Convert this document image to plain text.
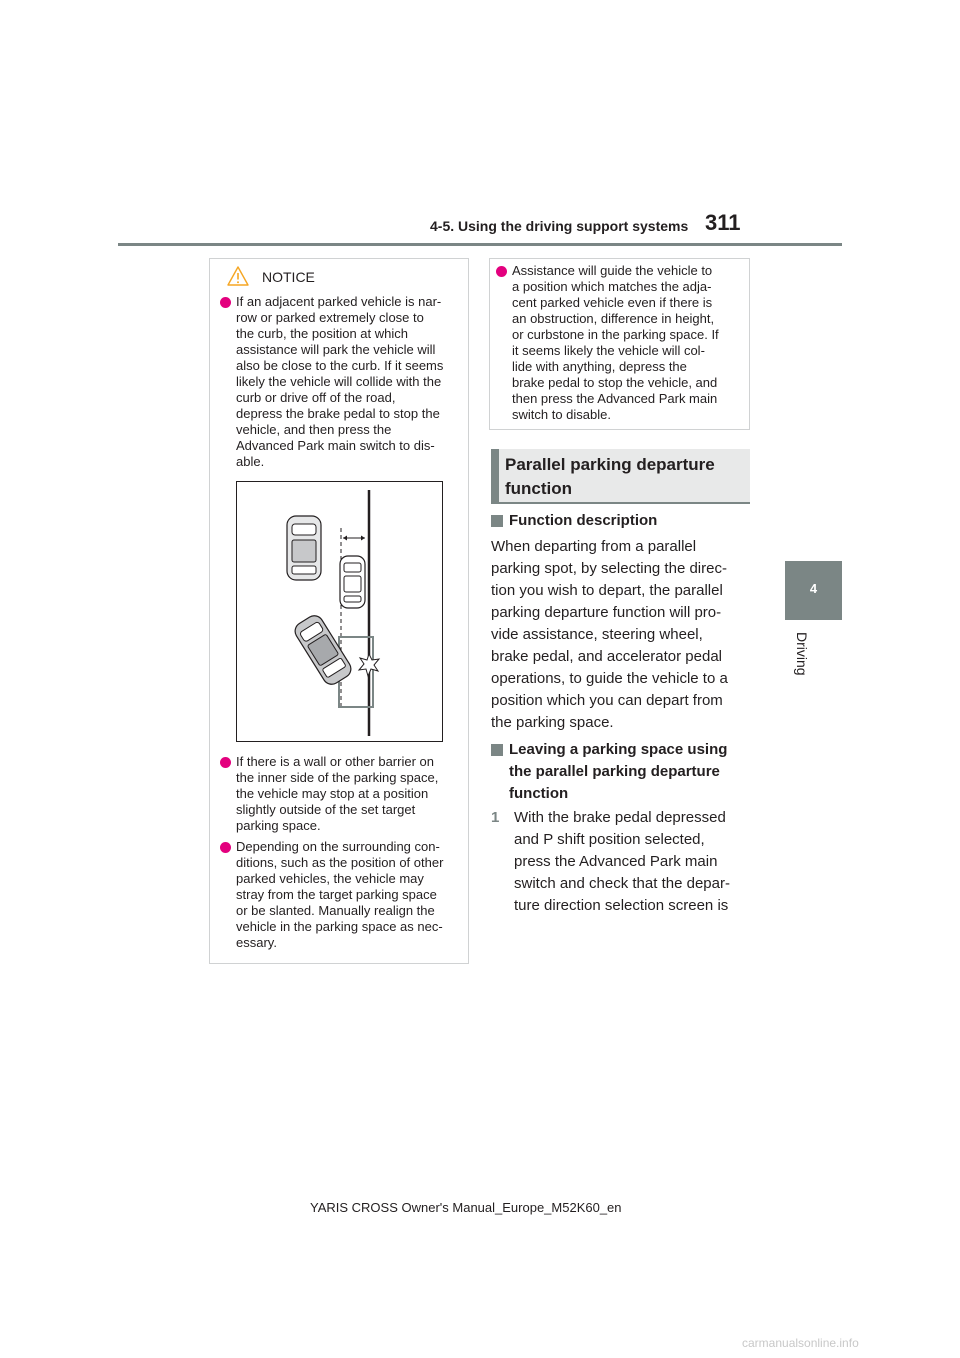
4-5. Using the driving support systems 311
4
Driving
NOTICE
If an adjacent parked vehicle is nar-
row or parked extremely close to
the curb, the position at which
assistance will park the vehicle will
also be close to the curb. If it seems
likely the vehicle will collide with the
curb or drive off of the road,
depress the brake pedal to stop the
vehicle, and then press the
Advanced Park main switch to dis-
able.
If there is a wall or other barrier on
the inner side of the parking space,
the vehicle may stop at a position
slightly outside of the set target
parking space.
Depending on the surrounding con-
ditions, such as the position of other
parked vehicles, the vehicle may
stray from the target parking space
or be slanted. Manually realign the
vehicle in the parking space as nec-
essary.
Assistance will guide the vehicle to
a position which matches the adja-
cent parked vehicle even if there is
an obstruction, difference in height,
or curbstone in the parking space. If
it seems likely the vehicle will col-
lide with anything, depress the
brake pedal to stop the vehicle, and
then press the Advanced Park main
switch to disable.
Parallel parking departure
function
Function description
When departing from a parallel
parking spot, by selecting the direc-
tion you wish to depart, the parallel
parking departure function will pro-
vide assistance, steering wheel,
brake pedal, and accelerator pedal
operations, to guide the vehicle to a
position which you can depart from
the parking space.
Leaving a parking space using
the parallel parking departure
function
1 With the brake pedal depressed
and P shift position selected,
press the Advanced Park main
switch and check that the depar-
ture direction selection screen is
YARIS CROSS Owner's Manual_Europe_M52K60_en
carmanualsonline.info
